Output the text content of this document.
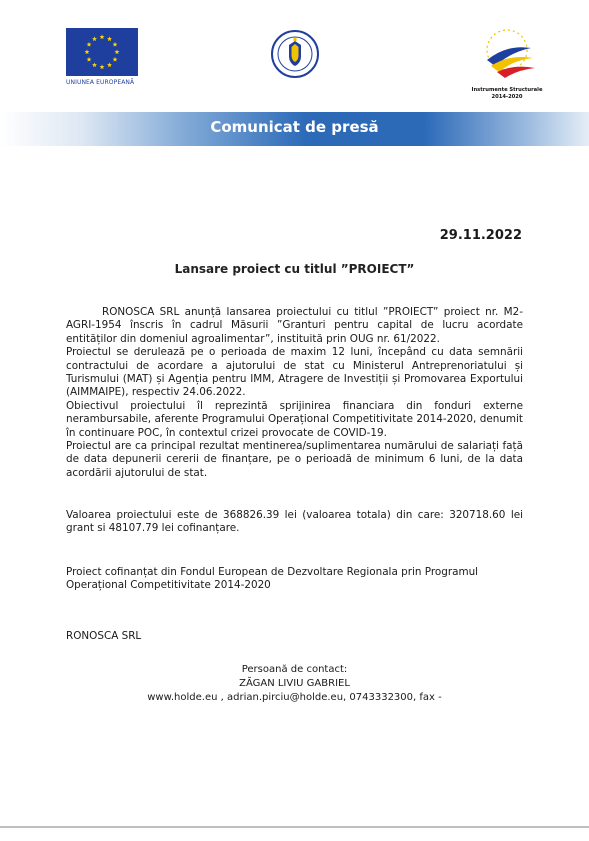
UNIUNEA EUROPEANĂ
Instrumente Structurale
2014-2020
Comunicat de presă
29.11.2022
Lansare proiect cu titlul ”PROIECT”

RONOSCA SRL anunță lansarea proiectului cu titlul ”PROIECT” proiect nr. M2-AGRI-1954 înscris în cadrul Măsurii ”Granturi pentru capital de lucru acordate entităților din domeniul agroalimentar”, instituită prin OUG nr. 61/2022.

Proiectul se derulează pe o perioada de maxim 12 luni, începând cu data semnării contractului de acordare a ajutorului de stat cu Ministerul Antreprenoriatului și Turismului (MAT) și Agenția pentru IMM, Atragere de Investiții și Promovarea Exportului (AIMMAIPE), respectiv 24.06.2022.

Obiectivul proiectului îl reprezintă sprijinirea financiara din fonduri externe nerambursabile, aferente Programului Operațional Competitivitate 2014-2020, denumit în continuare POC, în contextul crizei provocate de COVID-19.

Proiectul are ca principal rezultat mentinerea/suplimentarea numărului de salariați față de data depunerii cererii de finanțare, pe o perioadă de minimum 6 luni, de la data acordării ajutorului de stat.

Valoarea proiectului este de 368826.39 lei (valoarea totala) din care: 320718.60 lei grant si 48107.79 lei cofinanțare.
Proiect cofinanțat din Fondul European de Dezvoltare Regionala prin Programul Operațional Competitivitate 2014-2020
RONOSCA SRL
Persoană de contact:
ZĂGAN LIVIU GABRIEL
www.holde.eu , adrian.pirciu@holde.eu, 0743332300, fax -
